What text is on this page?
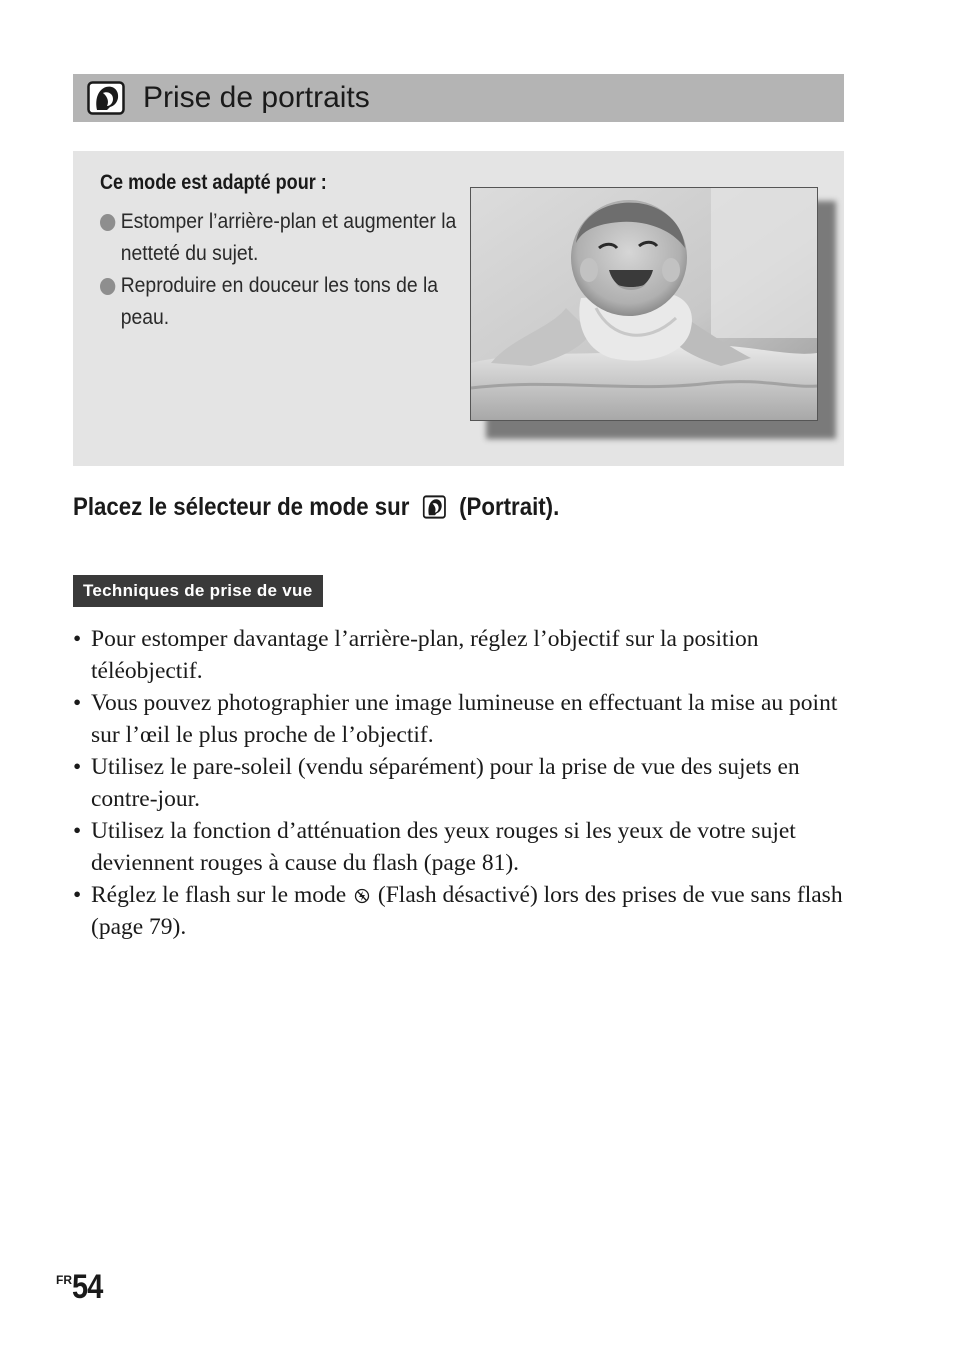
Prise de portraits
Ce mode est adapté pour :
Estomper l’arrière-plan et augmenter la netteté du sujet.
Reproduire en douceur les tons de la peau.
Placez le sélecteur de mode sur (Portrait).
Techniques de prise de vue
• Pour estomper davantage l’arrière-plan, réglez l’objectif sur la position téléobjectif.
• Vous pouvez photographier une image lumineuse en effectuant la mise au point sur l’œil le plus proche de l’objectif.
• Utilisez le pare-soleil (vendu séparément) pour la prise de vue des sujets en contre-jour.
• Utilisez la fonction d’atténuation des yeux rouges si les yeux de votre sujet deviennent rouges à cause du flash (page 81).
• Réglez le flash sur le mode (Flash désactivé) lors des prises de vue sans flash (page 79).
$^{FR}$54
